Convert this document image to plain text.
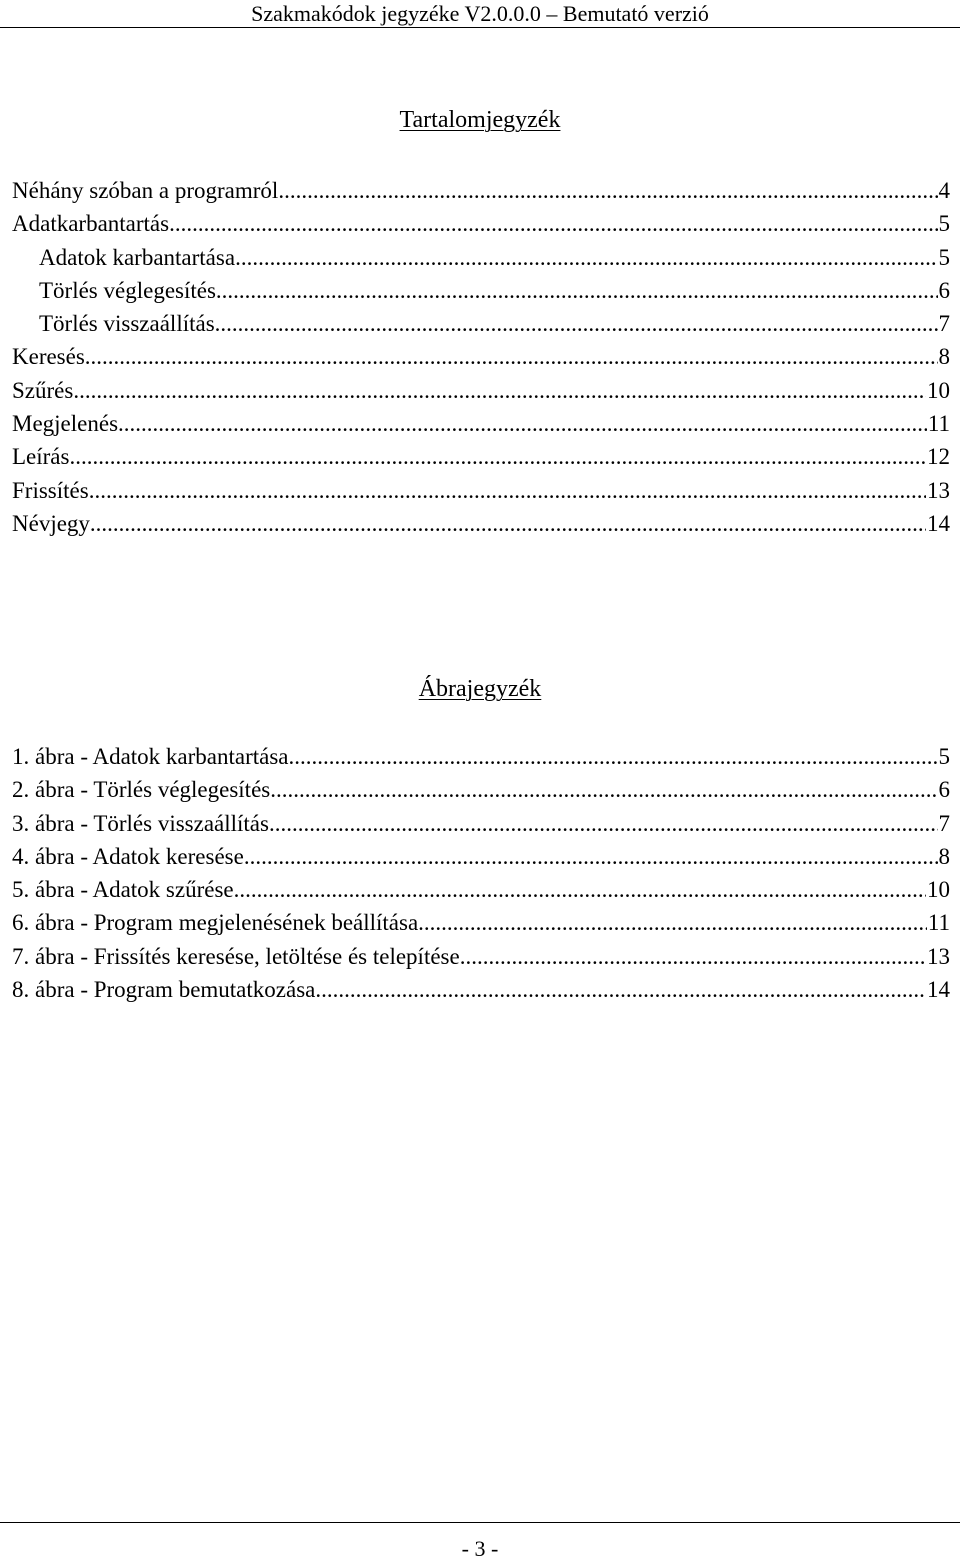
Szakmakódok jegyzéke V2.0.0.0 – Bemutató verzió
Tartalomjegyzék
Néhány szóban a programról .....	4
Adatkarbantartás .....	5
Adatok karbantartása .....	5
Törlés véglegesítés .....	6
Törlés visszaállítás .....	7
Keresés .....	8
Szűrés .....	10
Megjelenés .....	11
Leírás .....	12
Frissítés .....	13
Névjegy .....	14
Ábrajegyzék
1. ábra - Adatok karbantartása .....	5
2. ábra - Törlés véglegesítés .....	6
3. ábra - Törlés visszaállítás .....	7
4. ábra - Adatok keresése .....	8
5. ábra - Adatok szűrése .....	10
6. ábra - Program megjelenésének beállítása .....	11
7. ábra - Frissítés keresése, letöltése és telepítése .....	13
8. ábra - Program bemutatkozása .....	14
- 3 -
